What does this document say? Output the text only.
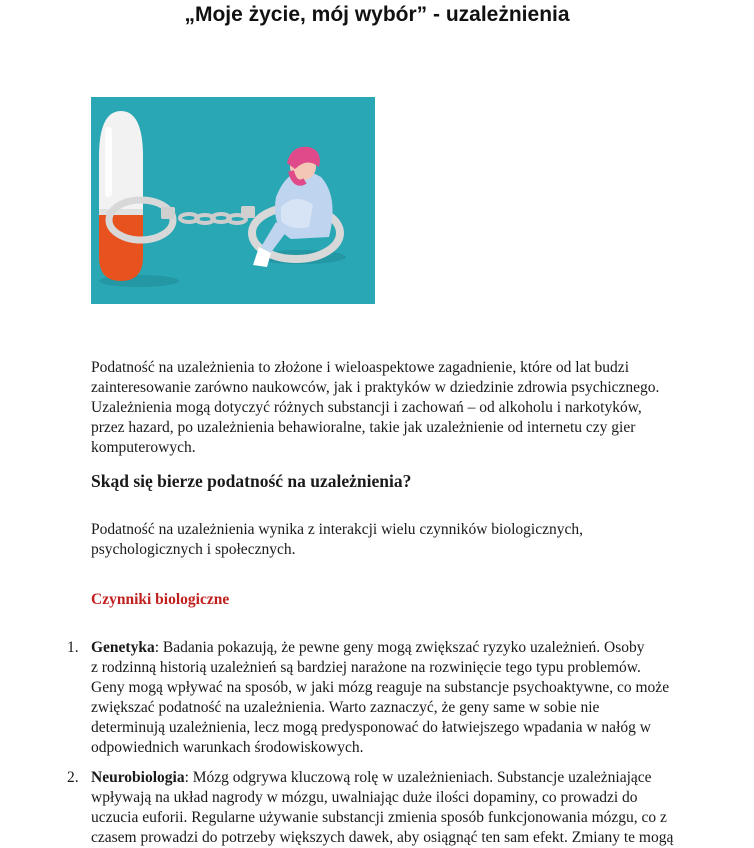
„Moje życie, mój wybór” - uzależnienia
Podatność na uzależnienia to złożone i wieloaspektowe zagadnienie, które od lat budzi
zainteresowanie zarówno naukowców, jak i praktyków w dziedzinie zdrowia psychicznego.
Uzależnienia mogą dotyczyć różnych substancji i zachowań – od alkoholu i narkotyków,
przez hazard, po uzależnienia behawioralne, takie jak uzależnienie od internetu czy gier
komputerowych.
Skąd się bierze podatność na uzależnienia?
Podatność na uzależnienia wynika z interakcji wielu czynników biologicznych,
psychologicznych i społecznych.
Czynniki biologiczne
1. Genetyka: Badania pokazują, że pewne geny mogą zwiększać ryzyko uzależnień. Osoby
z rodzinną historią uzależnień są bardziej narażone na rozwinięcie tego typu problemów.
Geny mogą wpływać na sposób, w jaki mózg reaguje na substancje psychoaktywne, co może
zwiększać podatność na uzależnienia. Warto zaznaczyć, że geny same w sobie nie
determinują uzależnienia, lecz mogą predysponować do łatwiejszego wpadania w nałóg w
odpowiednich warunkach środowiskowych.
2. Neurobiologia: Mózg odgrywa kluczową rolę w uzależnieniach. Substancje uzależniające
wpływają na układ nagrody w mózgu, uwalniając duże ilości dopaminy, co prowadzi do
uczucia euforii. Regularne używanie substancji zmienia sposób funkcjonowania mózgu, co z
czasem prowadzi do potrzeby większych dawek, aby osiągnąć ten sam efekt. Zmiany te mogą
